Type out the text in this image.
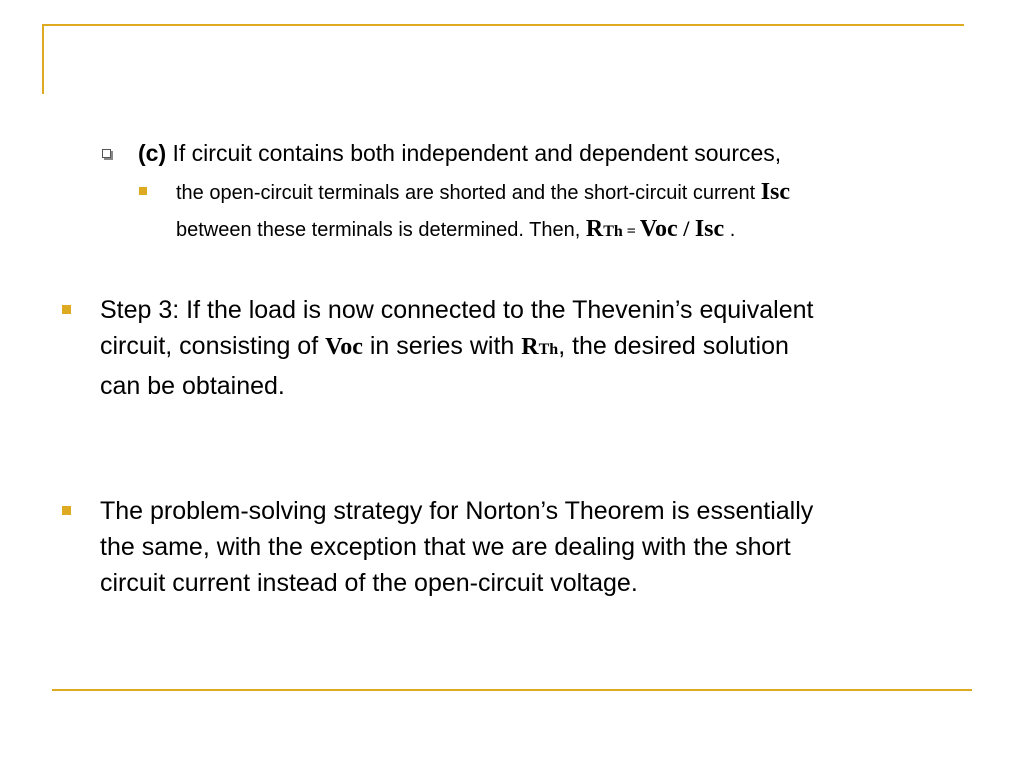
(c) If circuit contains both independent and dependent sources,

the open-circuit terminals are shorted and the short-circuit current Isc

between these terminals is determined. Then, RTh = Voc / Isc .

Step 3: If the load is now connected to the Thevenin’s equivalent

circuit, consisting of Voc in series with RTh, the desired solution

can be obtained.

The problem-solving strategy for Norton’s Theorem is essentially

the same, with the exception that we are dealing with the short

circuit current instead of the open-circuit voltage.
